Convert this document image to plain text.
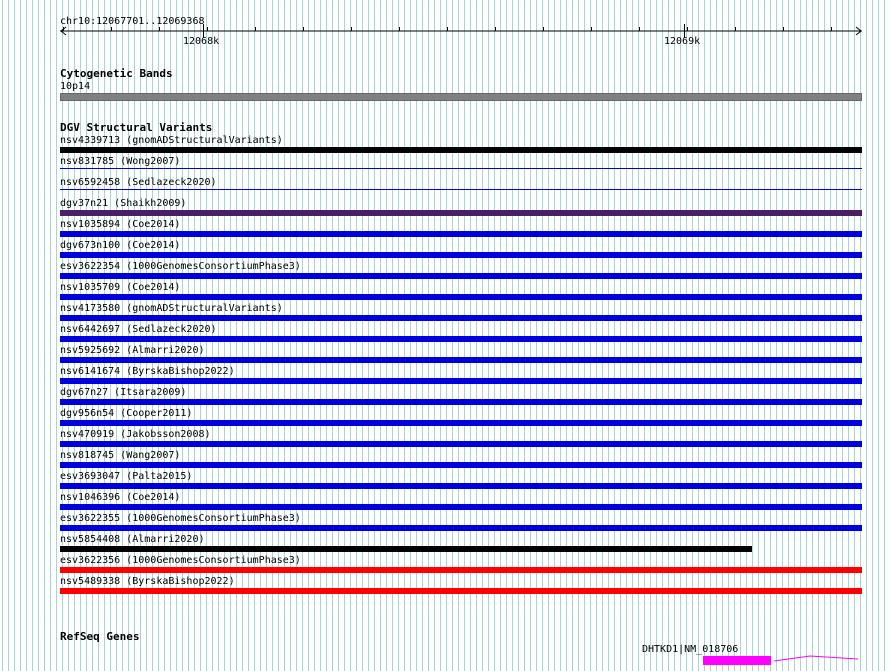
chr10:12067701..12069368
12068k	12069k
Cytogenetic Bands
10p14
DGV Structural Variants
nsv4339713 (gnomADStructuralVariants)
nsv831785 (Wong2007)
nsv6592458 (Sedlazeck2020)
dgv37n21 (Shaikh2009)
nsv1035894 (Coe2014)
dgv673n100 (Coe2014)
esv3622354 (1000GenomesConsortiumPhase3)
nsv1035709 (Coe2014)
nsv4173580 (gnomADStructuralVariants)
nsv6442697 (Sedlazeck2020)
nsv5925692 (Almarri2020)
nsv6141674 (ByrskaBishop2022)
dgv67n27 (Itsara2009)
dgv956n54 (Cooper2011)
nsv470919 (Jakobsson2008)
nsv818745 (Wang2007)
esv3693047 (Palta2015)
nsv1046396 (Coe2014)
esv3622355 (1000GenomesConsortiumPhase3)
nsv5854408 (Almarri2020)
esv3622356 (1000GenomesConsortiumPhase3)
nsv5489338 (ByrskaBishop2022)
RefSeq Genes
DHTKD1|NM_018706
